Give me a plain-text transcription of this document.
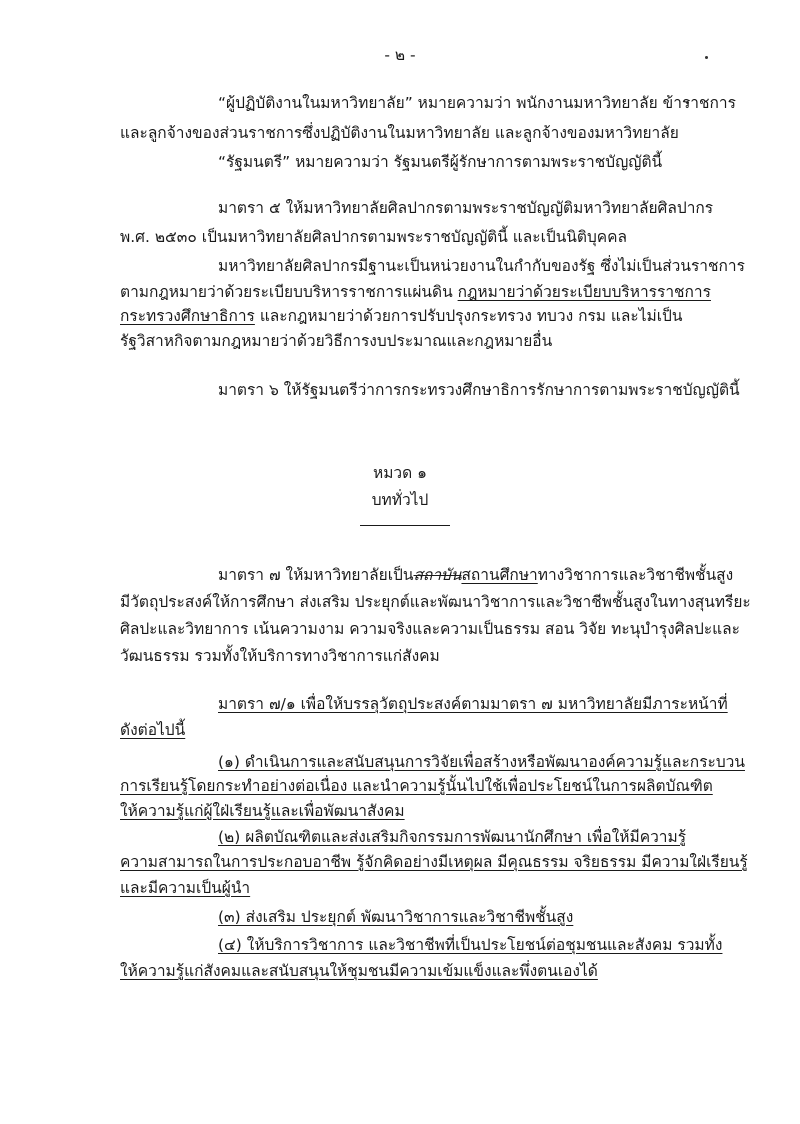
- ๒ -
“ผู้ปฏิบัติงานในมหาวิทยาลัย” หมายความว่า พนักงานมหาวิทยาลัย ข้าราชการ
และลูกจ้างของส่วนราชการซึ่งปฏิบัติงานในมหาวิทยาลัย และลูกจ้างของมหาวิทยาลัย
“รัฐมนตรี” หมายความว่า รัฐมนตรีผู้รักษาการตามพระราชบัญญัตินี้
มาตรา ๕ ให้มหาวิทยาลัยศิลปากรตามพระราชบัญญัติมหาวิทยาลัยศิลปากร
พ.ศ. ๒๕๓๐ เป็นมหาวิทยาลัยศิลปากรตามพระราชบัญญัตินี้ และเป็นนิติบุคคล
มหาวิทยาลัยศิลปากรมีฐานะเป็นหน่วยงานในกำกับของรัฐ ซึ่งไม่เป็นส่วนราชการ
ตามกฎหมายว่าด้วยระเบียบบริหารราชการแผ่นดิน กฎหมายว่าด้วยระเบียบบริหารราชการ
กระทรวงศึกษาธิการ และกฎหมายว่าด้วยการปรับปรุงกระทรวง ทบวง กรม และไม่เป็น
รัฐวิสาหกิจตามกฎหมายว่าด้วยวิธีการงบประมาณและกฎหมายอื่น
มาตรา ๖ ให้รัฐมนตรีว่าการกระทรวงศึกษาธิการรักษาการตามพระราชบัญญัตินี้
หมวด ๑
บททั่วไป
มาตรา ๗ ให้มหาวิทยาลัยเป็นสถาบันสถานศึกษาทางวิชาการและวิชาชีพชั้นสูง
มีวัตถุประสงค์ให้การศึกษา ส่งเสริม ประยุกต์และพัฒนาวิชาการและวิชาชีพชั้นสูงในทางสุนทรียะ
ศิลปะและวิทยาการ เน้นความงาม ความจริงและความเป็นธรรม สอน วิจัย ทะนุบำรุงศิลปะและ
วัฒนธรรม รวมทั้งให้บริการทางวิชาการแก่สังคม
มาตรา ๗/๑ เพื่อให้บรรลุวัตถุประสงค์ตามมาตรา ๗ มหาวิทยาลัยมีภาระหน้าที่
ดังต่อไปนี้
(๑) ดำเนินการและสนับสนุนการวิจัยเพื่อสร้างหรือพัฒนาองค์ความรู้และกระบวน
การเรียนรู้โดยกระทำอย่างต่อเนื่อง และนำความรู้นั้นไปใช้เพื่อประโยชน์ในการผลิตบัณฑิต
ให้ความรู้แก่ผู้ใฝ่เรียนรู้และเพื่อพัฒนาสังคม
(๒) ผลิตบัณฑิตและส่งเสริมกิจกรรมการพัฒนานักศึกษา เพื่อให้มีความรู้
ความสามารถในการประกอบอาชีพ รู้จักคิดอย่างมีเหตุผล มีคุณธรรม จริยธรรม มีความใฝ่เรียนรู้
และมีความเป็นผู้นำ
(๓) ส่งเสริม ประยุกต์ พัฒนาวิชาการและวิชาชีพชั้นสูง
(๔) ให้บริการวิชาการ และวิชาชีพที่เป็นประโยชน์ต่อชุมชนและสังคม รวมทั้ง
ให้ความรู้แก่สังคมและสนับสนุนให้ชุมชนมีความเข้มแข็งและพึ่งตนเองได้
